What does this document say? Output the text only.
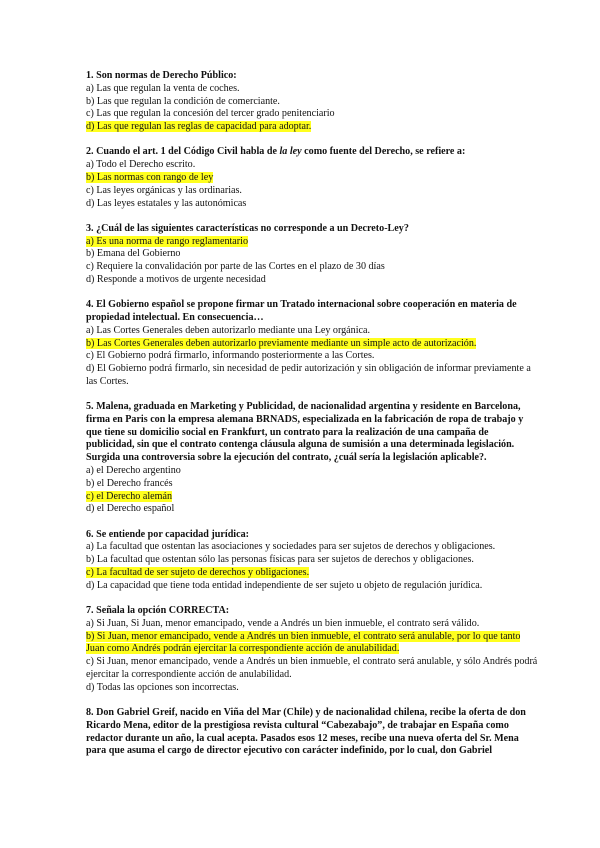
1. Son normas de Derecho Público:
a) Las que regulan la venta de coches.
b) Las que regulan la condición de comerciante.
c) Las que regulan la concesión del tercer grado penitenciario
d) Las que regulan las reglas de capacidad para adoptar.
2. Cuando el art. 1 del Código Civil habla de la ley como fuente del Derecho, se refiere a:
a) Todo el Derecho escrito.
b) Las normas con rango de ley
c) Las leyes orgánicas y las ordinarias.
d) Las leyes estatales y las autonómicas
3. ¿Cuál de las siguientes características no corresponde a un Decreto-Ley?
a) Es una norma de rango reglamentario
b) Emana del Gobierno
c) Requiere la convalidación por parte de las Cortes en el plazo de 30 días
d) Responde a motivos de urgente necesidad
4. El Gobierno español se propone firmar un Tratado internacional sobre cooperación en materia de propiedad intelectual. En consecuencia…
a) Las Cortes Generales deben autorizarlo mediante una Ley orgánica.
b) Las Cortes Generales deben autorizarlo previamente mediante un simple acto de autorización.
c) El Gobierno podrá firmarlo, informando posteriormente a las Cortes.
d) El Gobierno podrá firmarlo, sin necesidad de pedir autorización y sin obligación de informar previamente a las Cortes.
5. Malena, graduada en Marketing y Publicidad, de nacionalidad argentina y residente en Barcelona, firma en Paris con la empresa alemana BRNADS, especializada en la fabricación de ropa de trabajo y que tiene su domicilio social en Frankfurt, un contrato para la realización de una campaña de publicidad, sin que el contrato contenga cláusula alguna de sumisión a una determinada legislación. Surgida una controversia sobre la ejecución del contrato, ¿cuál sería la legislación aplicable?.
a) el Derecho argentino
b) el Derecho francés
c) el Derecho alemán
d) el Derecho español
6. Se entiende por capacidad jurídica:
a) La facultad que ostentan las asociaciones y sociedades para ser sujetos de derechos y obligaciones.
b) La facultad que ostentan sólo las personas físicas para ser sujetos de derechos y obligaciones.
c) La facultad de ser sujeto de derechos y obligaciones.
d) La capacidad que tiene toda entidad independiente de ser sujeto u objeto de regulación jurídica.
7. Señala la opción CORRECTA:
a) Si Juan, Si Juan, menor emancipado, vende a Andrés un bien inmueble, el contrato será válido.
b) Si Juan, menor emancipado, vende a Andrés un bien inmueble, el contrato será anulable, por lo que tanto Juan como Andrés podrán ejercitar la correspondiente acción de anulabilidad.
c) Si Juan, menor emancipado, vende a Andrés un bien inmueble, el contrato será anulable, y sólo Andrés podrá ejercitar la correspondiente acción de anulabilidad.
d) Todas las opciones son incorrectas.
8. Don Gabriel Greif, nacido en Viña del Mar (Chile) y de nacionalidad chilena, recibe la oferta de don Ricardo Mena, editor de la prestigiosa revista cultural “Cabezabajo”, de trabajar en España como redactor durante un año, la cual acepta. Pasados esos 12 meses, recibe una nueva oferta del Sr. Mena para que asuma el cargo de director ejecutivo con carácter indefinido, por lo cual, don Gabriel
